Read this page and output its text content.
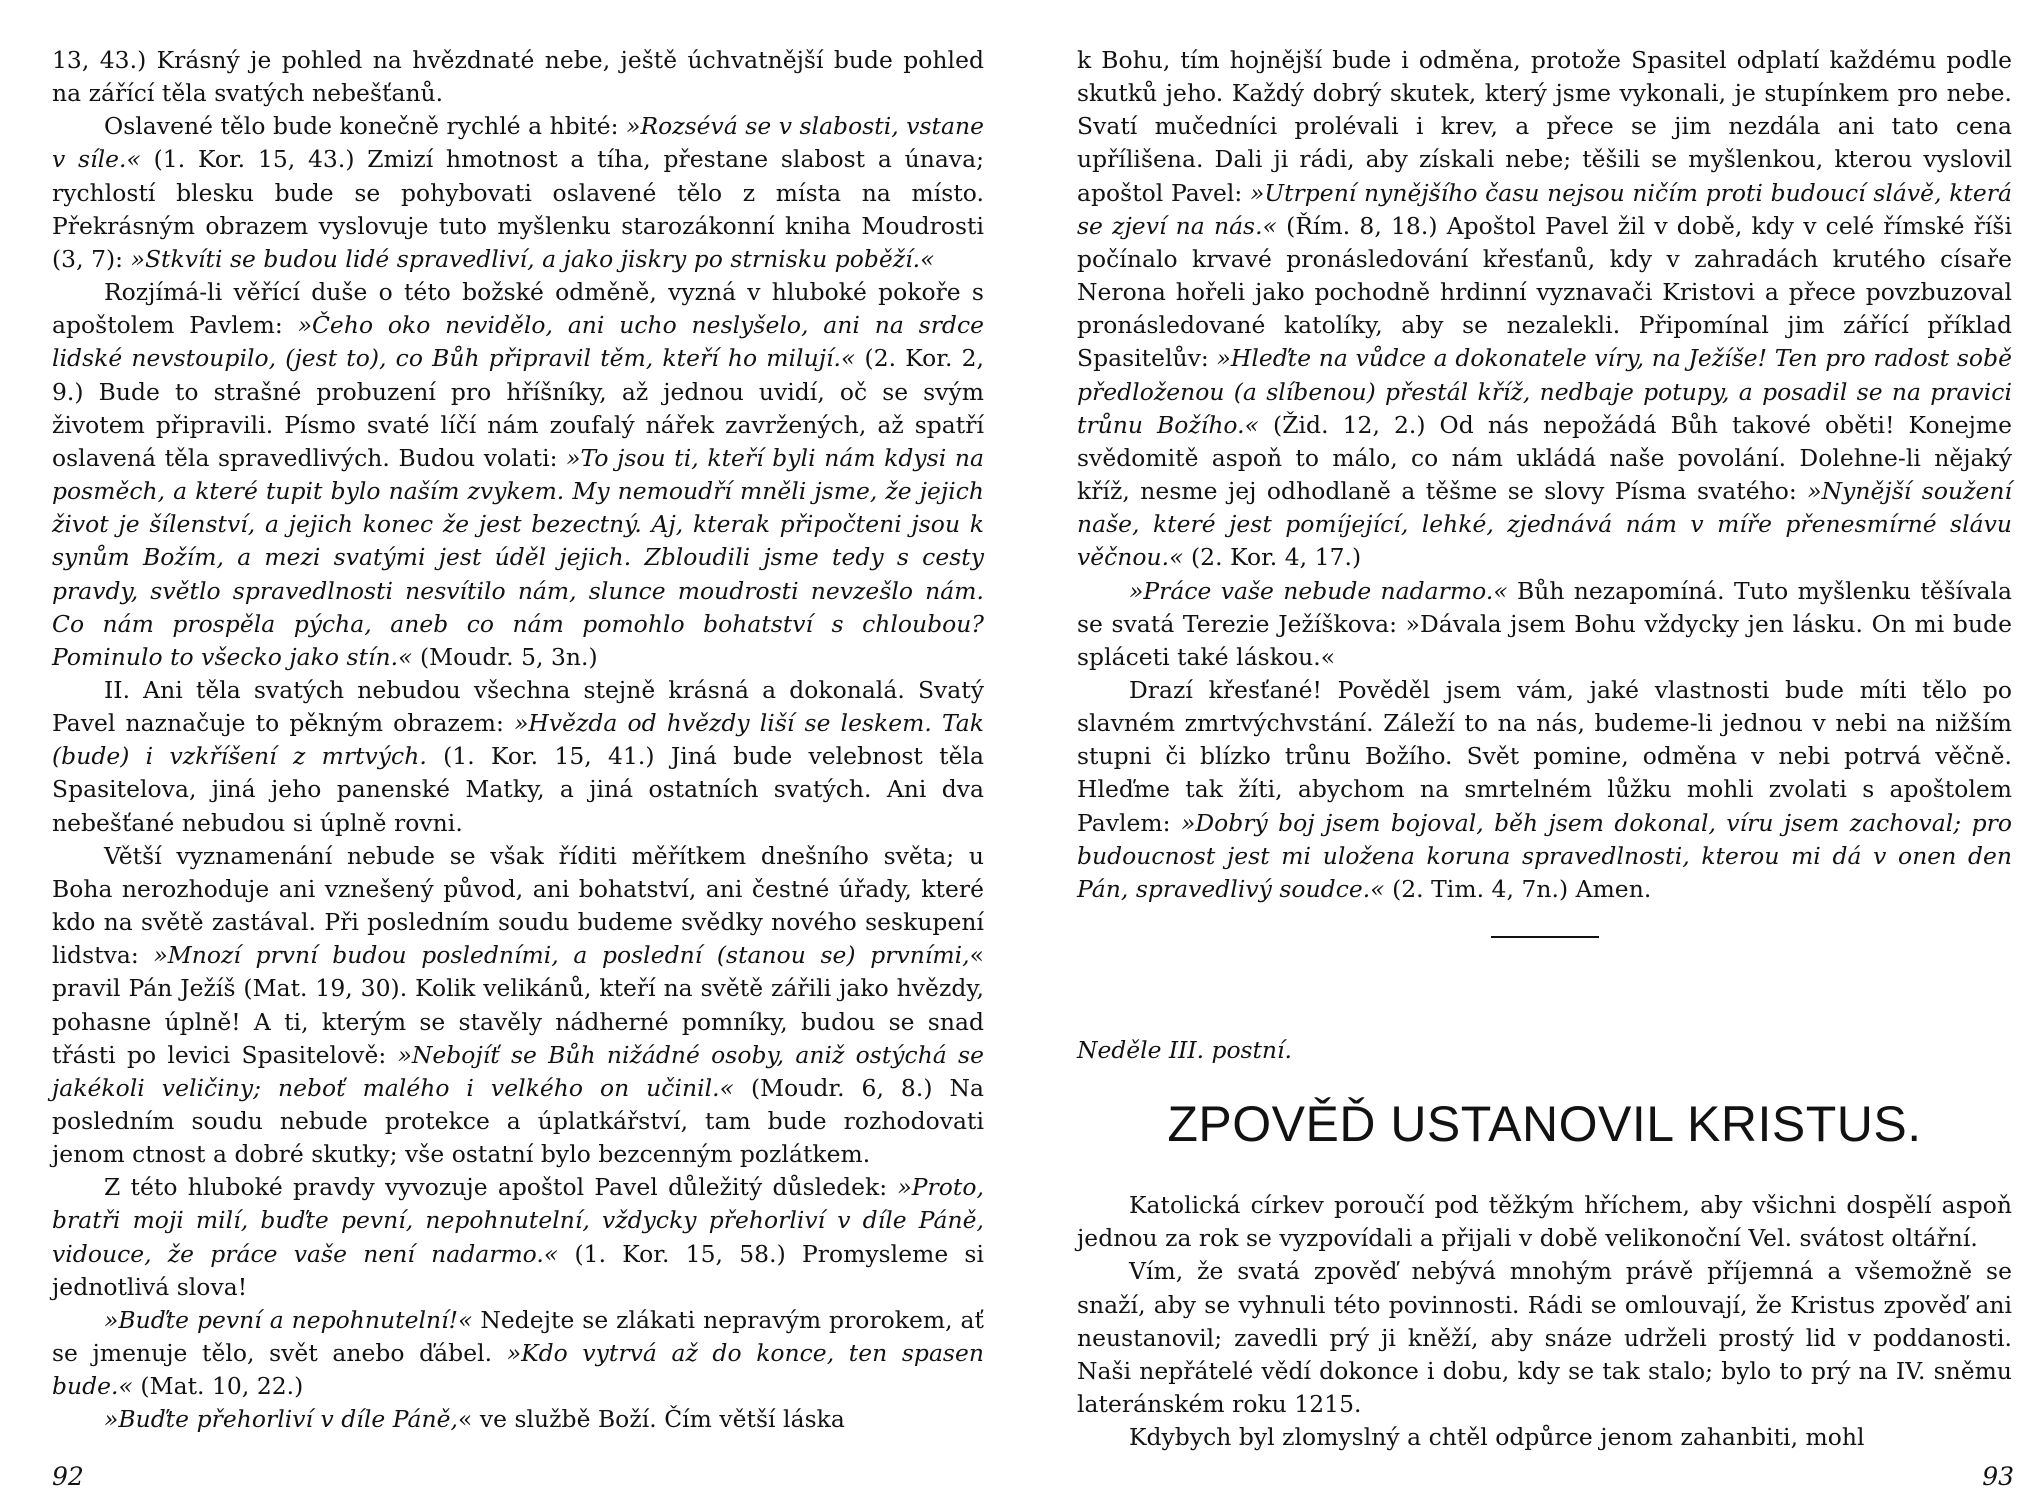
13, 43.) Krásný je pohled na hvězdnaté nebe, ještě úchvatnější bude pohled na zářící těla svatých nebešťanů.

Oslavené tělo bude konečně rychlé a hbité: »Rozsévá se v slabosti, vstane v síle.« (1. Kor. 15, 43.) Zmizí hmotnost a tíha, přestane slabost a únava; rychlostí blesku bude se pohybovati oslavené tělo z místa na místo. Překrásným obrazem vyslovuje tuto myšlenku starozákonní kniha Moudrosti (3, 7): »Stkvíti se budou lidé spravedliví, a jako jiskry po strnisku poběží.«

Rozjímá-li věřící duše o této božské odměně, vyzná v hluboké pokoře s apoštolem Pavlem: »Čeho oko nevidělo, ani ucho neslyšelo, ani na srdce lidské nevstoupilo, (jest to), co Bůh připravil těm, kteří ho milují.« (2. Kor. 2, 9.) Bude to strašné probuzení pro hříšníky, až jednou uvidí, oč se svým životem připravili. Písmo svaté líčí nám zoufalý nářek zavržených, až spatří oslavená těla spravedlivých. Budou volati: »To jsou ti, kteří byli nám kdysi na posměch, a které tupit bylo naším zvykem. My nemoudří mněli jsme, že jejich život je šílenství, a jejich konec že jest bezectný. Aj, kterak připočteni jsou k synům Božím, a mezi svatými jest úděl jejich. Zbloudili jsme tedy s cesty pravdy, světlo spravedlnosti nesvítilo nám, slunce moudrosti nevzešlo nám. Co nám prospěla pýcha, aneb co nám pomohlo bohatství s chloubou? Pominulo to všecko jako stín.« (Moudr. 5, 3n.)

II. Ani těla svatých nebudou všechna stejně krásná a dokonalá. Svatý Pavel naznačuje to pěkným obrazem: »Hvězda od hvězdy liší se leskem. Tak (bude) i vzkříšení z mrtvých. (1. Kor. 15, 41.) Jiná bude velebnost těla Spasitelova, jiná jeho panenské Matky, a jiná ostatních svatých. Ani dva nebešťané nebudou si úplně rovni.

Větší vyznamenání nebude se však říditi měřítkem dnešního světa; u Boha nerozhoduje ani vznešený původ, ani bohatství, ani čestné úřady, které kdo na světě zastával. Při posledním soudu budeme svědky nového seskupení lidstva: »Mnozí první budou posledními, a poslední (stanou se) prvními,« pravil Pán Ježíš (Mat. 19, 30). Kolik velikánů, kteří na světě zářili jako hvězdy, pohasne úplně! A ti, kterým se stavěly nádherné pomníky, budou se snad třásti po levici Spasitelově: »Nebojíť se Bůh nižádné osoby, aniž ostýchá se jakékoli veličiny; neboť malého i velkého on učinil.« (Moudr. 6, 8.) Na posledním soudu nebude protekce a úplatkářství, tam bude rozhodovati jenom ctnost a dobré skutky; vše ostatní bylo bezcenným pozlátkem.

Z této hluboké pravdy vyvozuje apoštol Pavel důležitý důsledek: »Proto, bratři moji milí, buďte pevní, nepohnutelní, vždycky přehorliví v díle Páně, vidouce, že práce vaše není nadarmo.« (1. Kor. 15, 58.) Promysleme si jednotlivá slova!

»Buďte pevní a nepohnutelní!« Nedejte se zlákati nepravým prorokem, ať se jmenuje tělo, svět anebo ďábel. »Kdo vytrvá až do konce, ten spasen bude.« (Mat. 10, 22.)

»Buďte přehorliví v díle Páně,« ve službě Boží. Čím větší láska

92

k Bohu, tím hojnější bude i odměna, protože Spasitel odplatí každému podle skutků jeho. Každý dobrý skutek, který jsme vykonali, je stupínkem pro nebe. Svatí mučedníci prolévali i krev, a přece se jim nezdála ani tato cena upřílišena. Dali ji rádi, aby získali nebe; těšili se myšlenkou, kterou vyslovil apoštol Pavel: »Utrpení nynějšího času nejsou ničím proti budoucí slávě, která se zjeví na nás.« (Řím. 8, 18.) Apoštol Pavel žil v době, kdy v celé římské říši počínalo krvavé pronásledování křesťanů, kdy v zahradách krutého císaře Nerona hořeli jako pochodně hrdinní vyznavači Kristovi a přece povzbuzoval pronásledované katolíky, aby se nezalekli. Připomínal jim zářící příklad Spasitelův: »Hleďte na vůdce a dokonatele víry, na Ježíše! Ten pro radost sobě předloženou (a slíbenou) přestál kříž, nedbaje potupy, a posadil se na pravici trůnu Božího.« (Žid. 12, 2.) Od nás nepožádá Bůh takové oběti! Konejme svědomitě aspoň to málo, co nám ukládá naše povolání. Dolehne-li nějaký kříž, nesme jej odhodlaně a těšme se slovy Písma svatého: »Nynější soužení naše, které jest pomíjející, lehké, zjednává nám v míře přenesmírné slávu věčnou.« (2. Kor. 4, 17.)

»Práce vaše nebude nadarmo.« Bůh nezapomíná. Tuto myšlenku těšívala se svatá Terezie Ježíškova: »Dávala jsem Bohu vždycky jen lásku. On mi bude spláceti také láskou.«

Drazí křesťané! Pověděl jsem vám, jaké vlastnosti bude míti tělo po slavném zmrtvýchvstání. Záleží to na nás, budeme-li jednou v nebi na nižším stupni či blízko trůnu Božího. Svět pomine, odměna v nebi potrvá věčně. Hleďme tak žíti, abychom na smrtelném lůžku mohli zvolati s apoštolem Pavlem: »Dobrý boj jsem bojoval, běh jsem dokonal, víru jsem zachoval; pro budoucnost jest mi uložena koruna spravedlnosti, kterou mi dá v onen den Pán, spravedlivý soudce.« (2. Tim. 4, 7n.) Amen.

Neděle III. postní.

ZPOVĚĎ USTANOVIL KRISTUS.

Katolická církev poroučí pod těžkým hříchem, aby všichni dospělí aspoň jednou za rok se vyzpovídali a přijali v době velikonoční Vel. svátost oltářní.

Vím, že svatá zpověď nebývá mnohým právě příjemná a všemožně se snaží, aby se vyhnuli této povinnosti. Rádi se omlouvají, že Kristus zpověď ani neustanovil; zavedli prý ji kněží, aby snáze udrželi prostý lid v poddanosti. Naši nepřátelé vědí dokonce i dobu, kdy se tak stalo; bylo to prý na IV. sněmu lateránském roku 1215.

Kdybych byl zlomyslný a chtěl odpůrce jenom zahanbiti, mohl

93
